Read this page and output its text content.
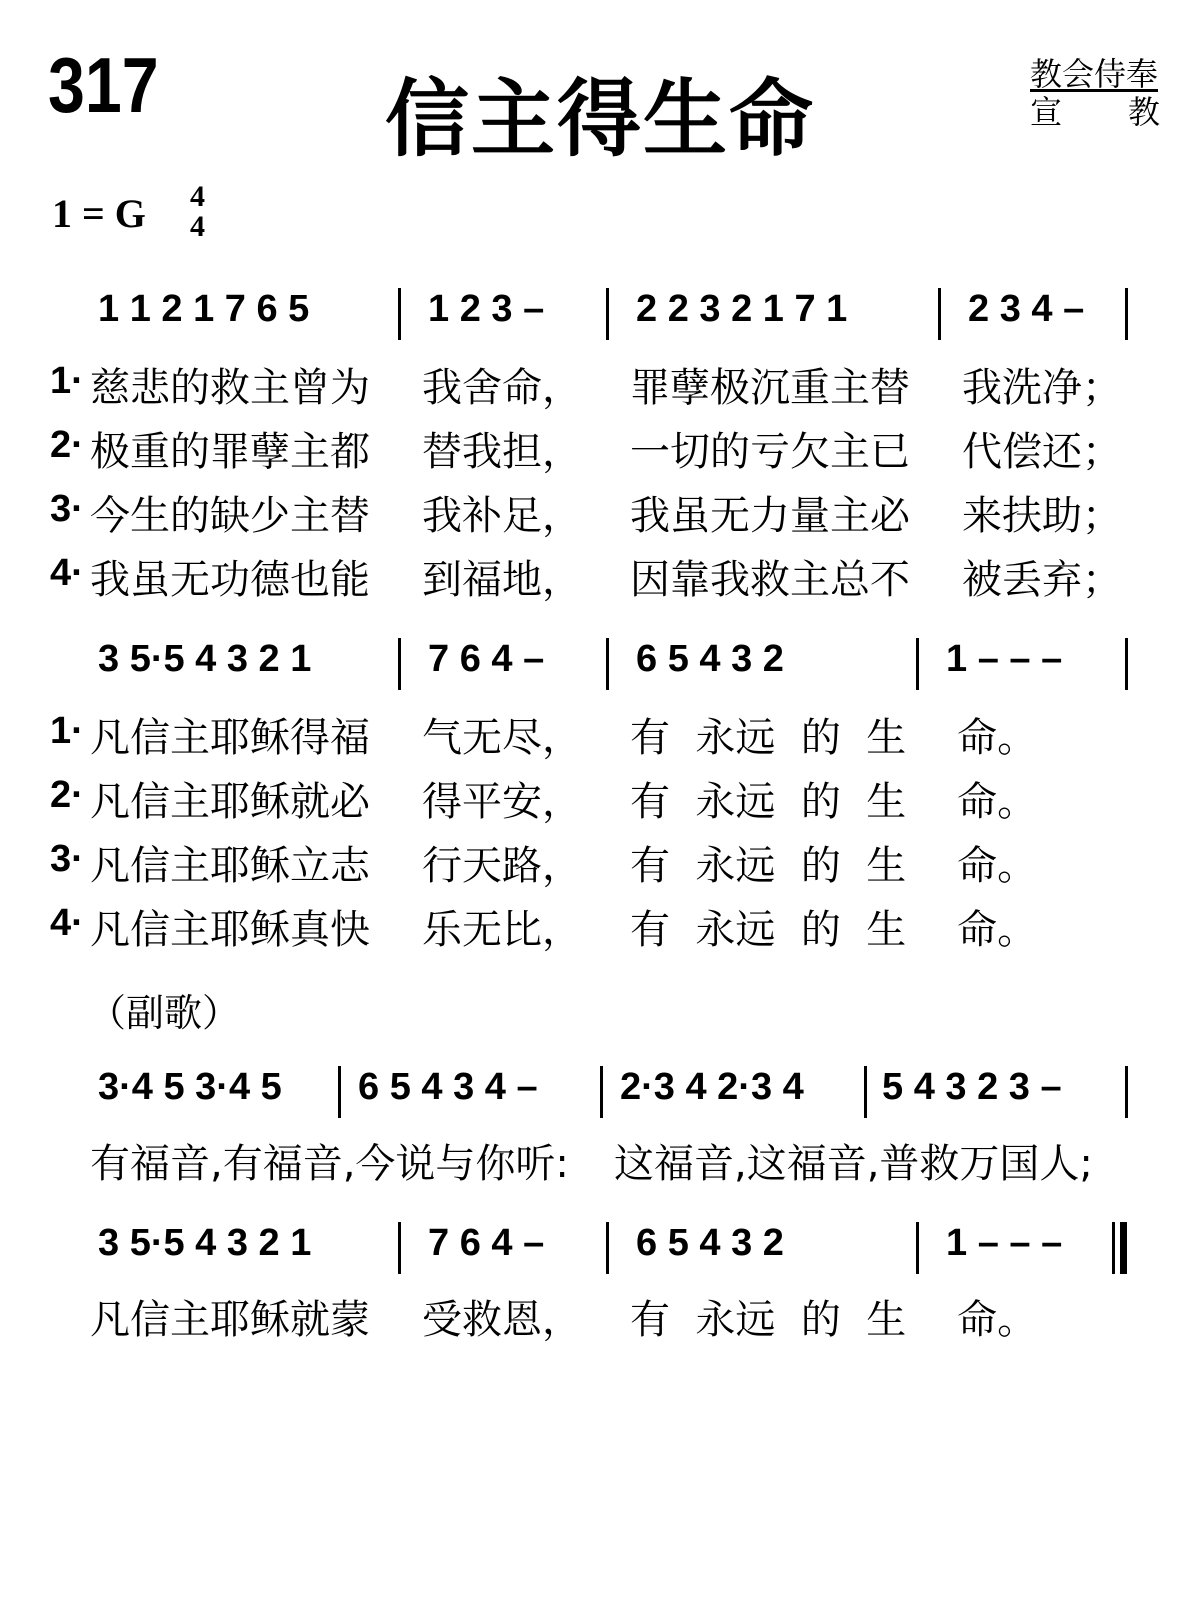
317	信主得生命	教会侍奉
宣 教
1 = G 4
4
1 1 2 1 7 6 5	1 2 3 – 2 2 3 2 1 7 1	2 3 4 –
1· 慈悲的救主曾为 我舍命， 罪孽极沉重主替 我洗净；
2· 极重的罪孽主都 替我担， 一切的亏欠主已 代偿还；
3· 今生的缺少主替 我补足， 我虽无力量主必 来扶助；
4· 我虽无功德也能 到福地， 因靠我救主总不 被丢弃；
3 5·5 4 3 2 1	7 6 4 – 6 5 4 3 2	1 – – –
1· 凡信主耶稣得福 气无尽， 有  永远  的  生    命。
2· 凡信主耶稣就必 得平安， 有  永远  的  生    命。
3· 凡信主耶稣立志 行天路， 有  永远  的  生    命。
4· 凡信主耶稣真快 乐无比， 有  永远  的  生    命。
（副歌）
3·4 5 3·4 5 6 5 4 3 4 – 2·3 4 2·3 4 5 4 3 2 3 –
有福音,有福音,今说与你听: 这福音,这福音,普救万国人;
3 5·5 4 3 2 1	7 6 4 – 6 5 4 3 2	1 – – –
凡信主耶稣就蒙 受救恩， 有  永远  的  生    命。
